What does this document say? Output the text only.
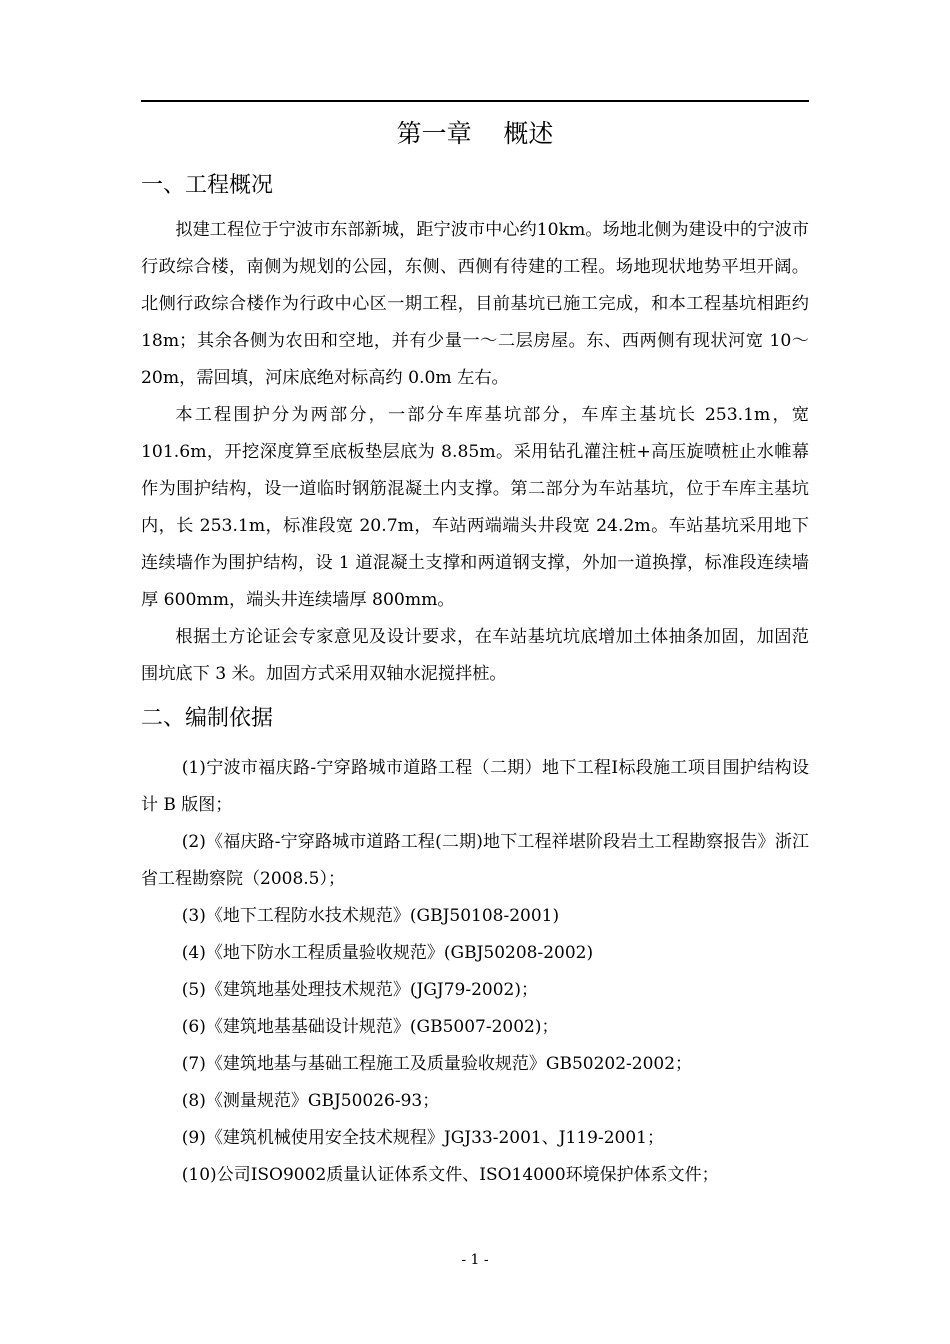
第一章    概述
一、工程概况

拟建工程位于宁波市东部新城，距宁波市中心约10km。场地北侧为建设中的宁波市行政综合楼，南侧为规划的公园，东侧、西侧有待建的工程。场地现状地势平坦开阔。北侧行政综合楼作为行政中心区一期工程，目前基坑已施工完成，和本工程基坑相距约 18m；其余各侧为农田和空地，并有少量一～二层房屋。东、西两侧有现状河宽 10～20m，需回填，河床底绝对标高约 0.0m 左右。

本工程围护分为两部分，一部分车库基坑部分，车库主基坑长 253.1m，宽 101.6m，开挖深度算至底板垫层底为 8.85m。采用钻孔灌注桩+高压旋喷桩止水帷幕作为围护结构，设一道临时钢筋混凝土内支撑。第二部分为车站基坑，位于车库主基坑内，长 253.1m，标准段宽 20.7m，车站两端端头井段宽 24.2m。车站基坑采用地下连续墙作为围护结构，设 1 道混凝土支撑和两道钢支撑，外加一道换撑，标准段连续墙厚 600mm，端头井连续墙厚 800mm。

根据土方论证会专家意见及设计要求，在车站基坑坑底增加土体抽条加固，加固范围坑底下 3 米。加固方式采用双轴水泥搅拌桩。

二、编制依据
(1)宁波市福庆路-宁穿路城市道路工程（二期）地下工程Ⅰ标段施工项目围护结构设计 B 版图；
(2)《福庆路-宁穿路城市道路工程(二期)地下工程祥堪阶段岩土工程勘察报告》浙江省工程勘察院（2008.5）；
(3)《地下工程防水技术规范》(GBJ50108-2001)
(4)《地下防水工程质量验收规范》(GBJ50208-2002)
(5)《建筑地基处理技术规范》(JGJ79-2002)；
(6)《建筑地基基础设计规范》(GB5007-2002)；
(7)《建筑地基与基础工程施工及质量验收规范》GB50202-2002；
(8)《测量规范》GBJ50026-93；
(9)《建筑机械使用安全技术规程》JGJ33-2001、J119-2001；
(10)公司ISO9002质量认证体系文件、ISO14000环境保护体系文件；
- 1 -
